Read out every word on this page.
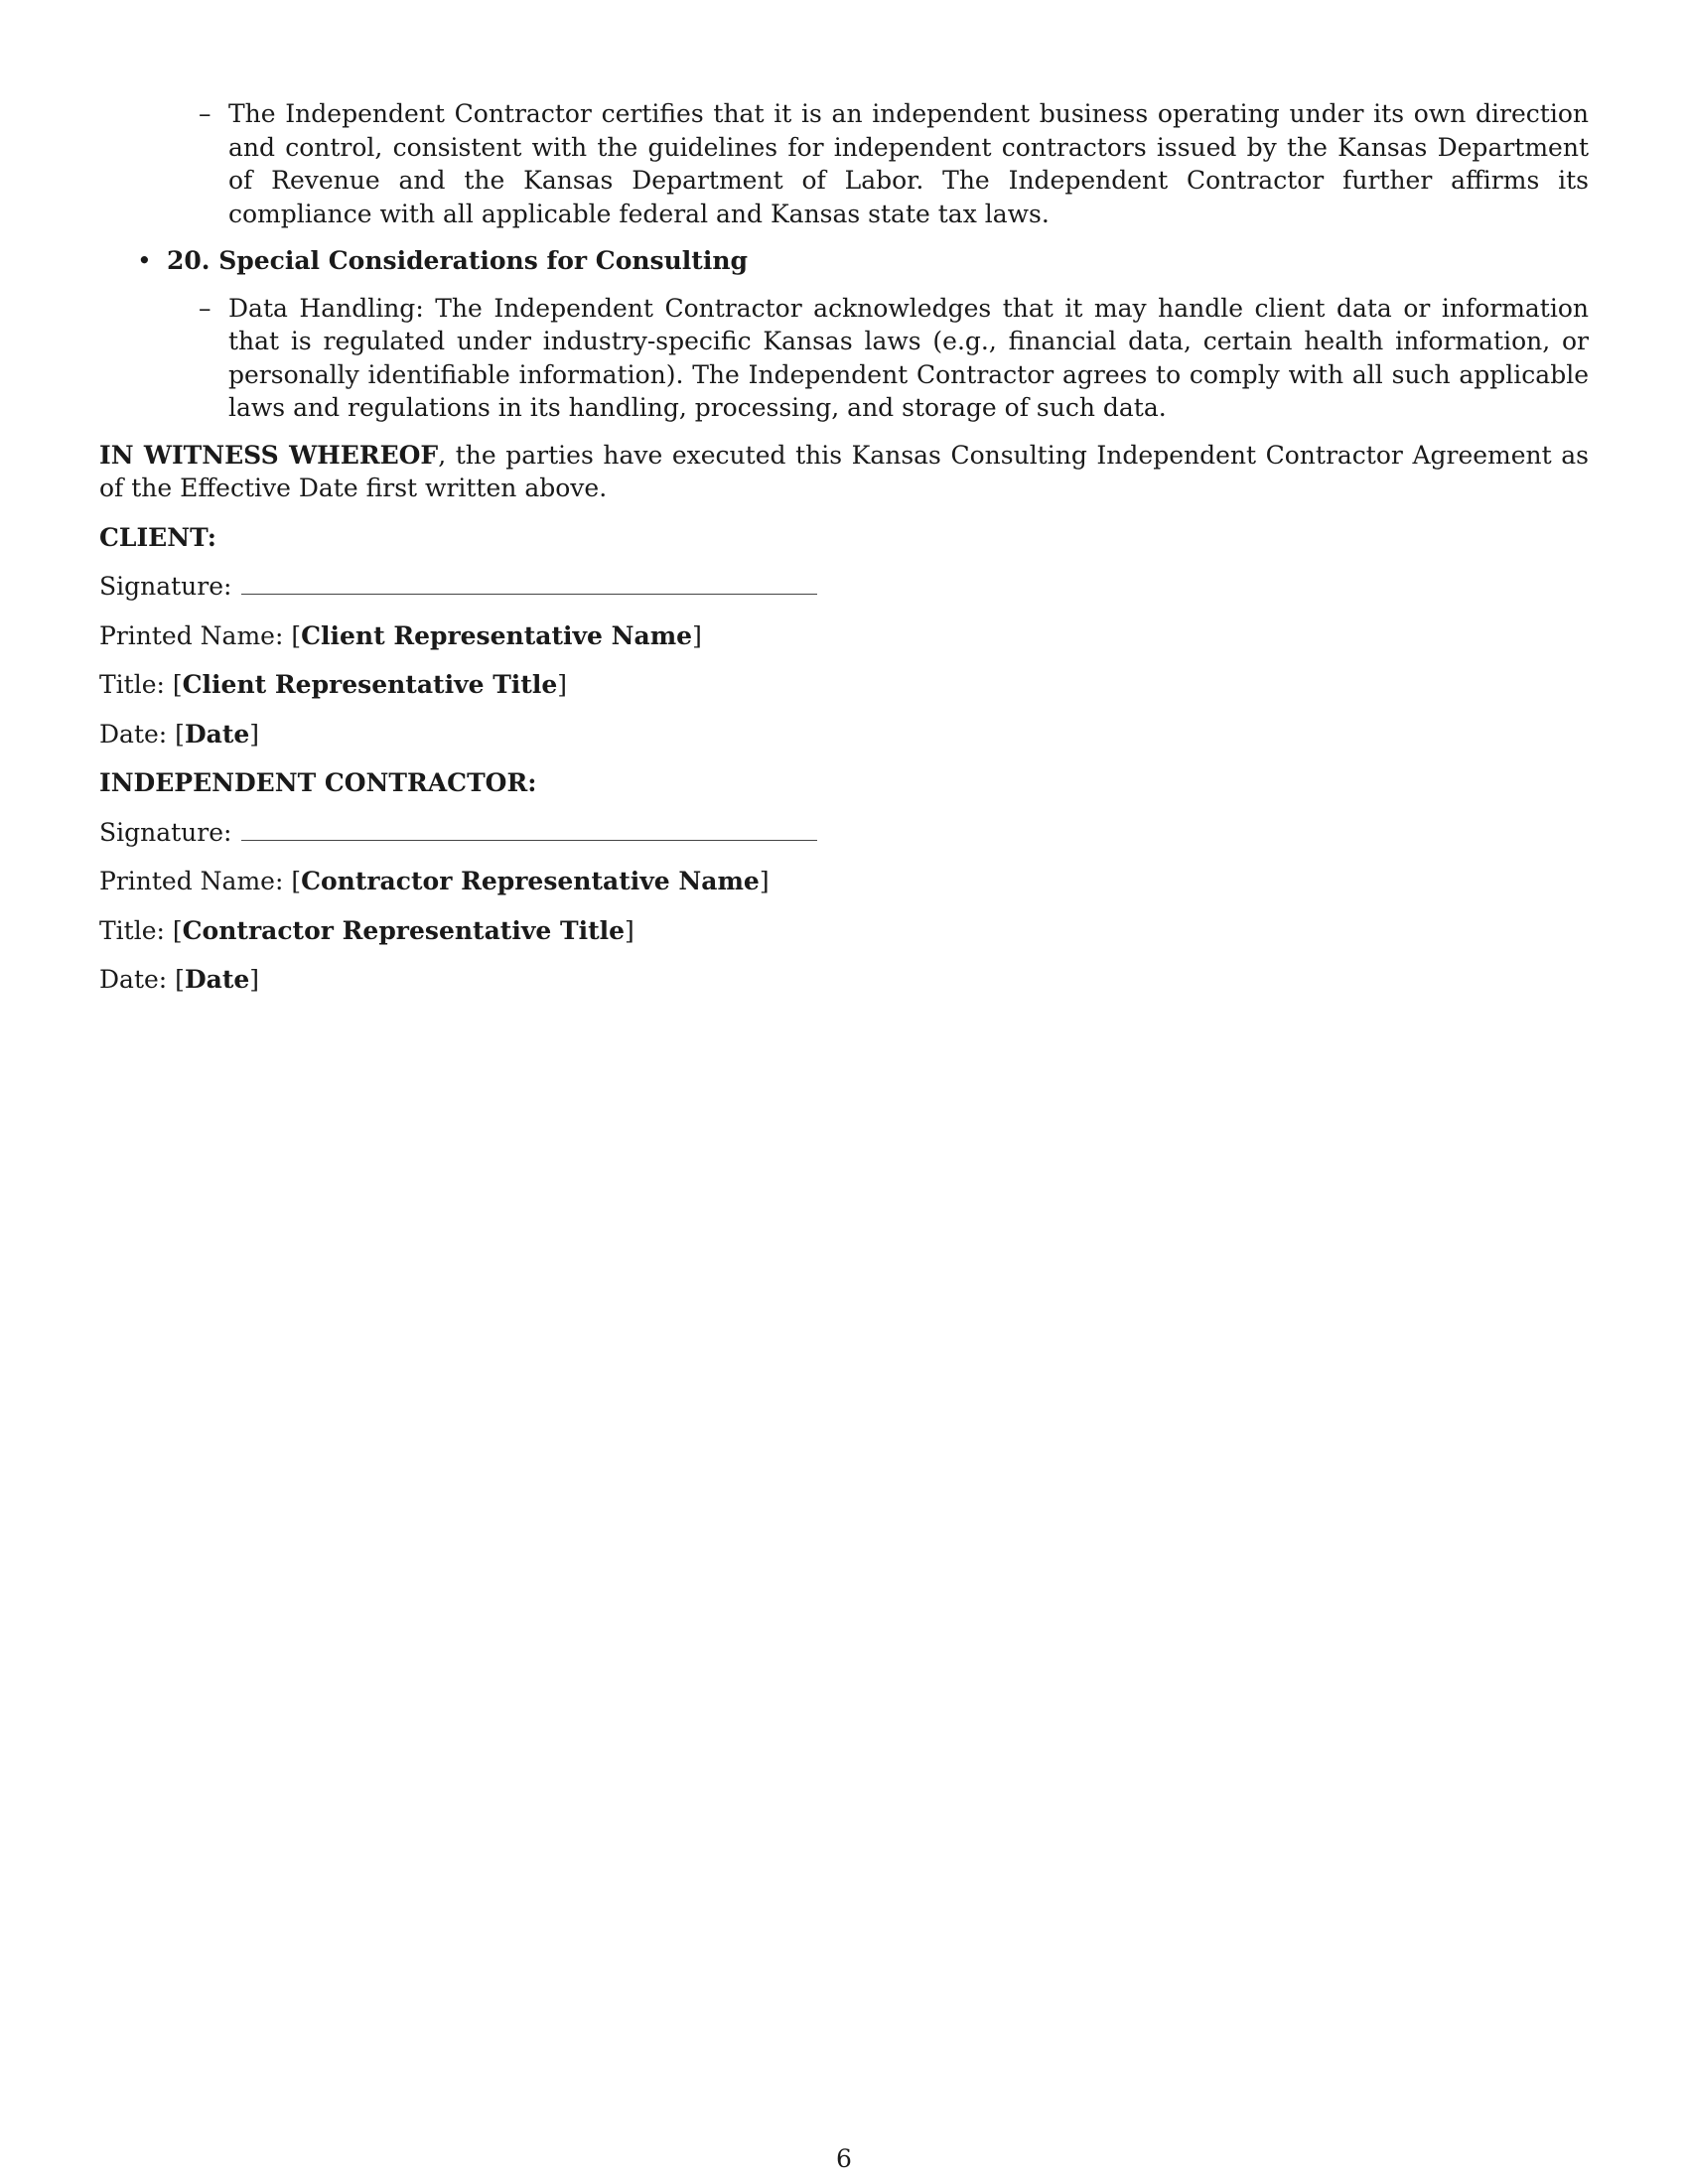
– The Independent Contractor certifies that it is an independent business operating under its own direction and control, consistent with the guidelines for independent contractors issued by the Kansas Department of Revenue and the Kansas Department of Labor. The Independent Contractor further affirms its compliance with all applicable federal and Kansas state tax laws.
• 20. Special Considerations for Consulting
– Data Handling: The Independent Contractor acknowledges that it may handle client data or information that is regulated under industry-specific Kansas laws (e.g., financial data, certain health information, or personally identifiable information). The Independent Contractor agrees to comply with all such applicable laws and regulations in its handling, processing, and storage of such data.
IN WITNESS WHEREOF, the parties have executed this Kansas Consulting Independent Contractor Agreement as of the Effective Date first written above.
CLIENT:
Signature:
Printed Name: [Client Representative Name]
Title: [Client Representative Title]
Date: [Date]
INDEPENDENT CONTRACTOR:
Signature:
Printed Name: [Contractor Representative Name]
Title: [Contractor Representative Title]
Date: [Date]
6
